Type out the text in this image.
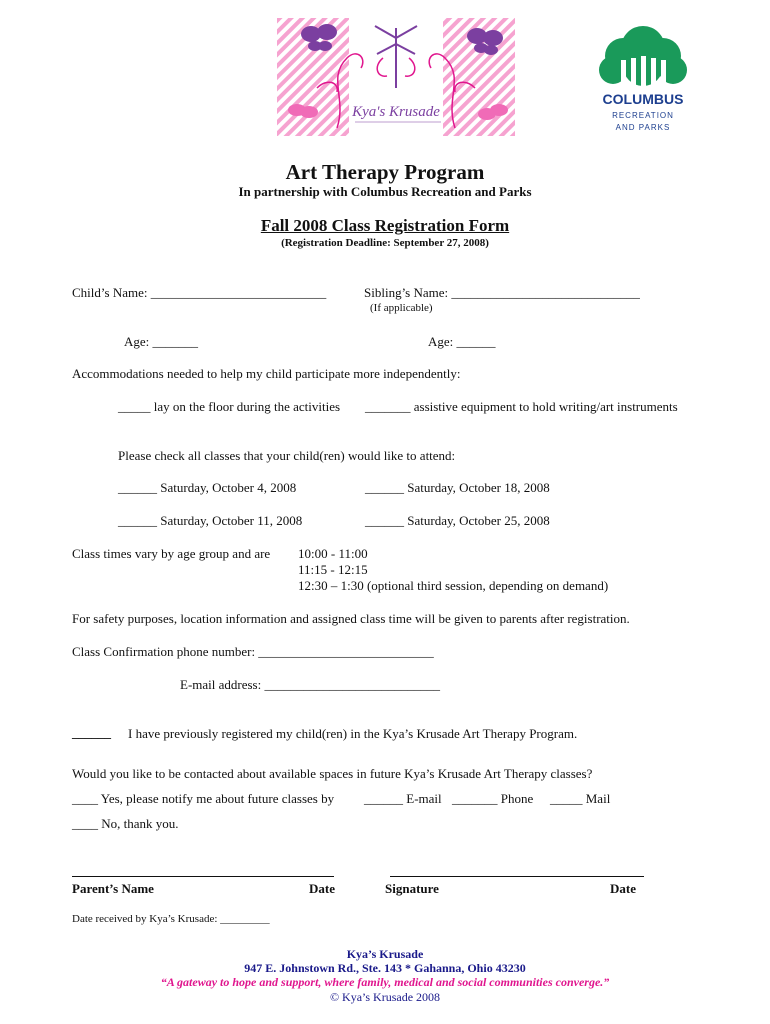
Kya's Krusade

COLUMBUS
RECREATION
AND PARKS
Art Therapy Program
In partnership with Columbus Recreation and Parks
Fall 2008 Class Registration Form
(Registration Deadline: September 27, 2008)
Child’s Name: ___________________________	Sibling’s Name: _____________________________
(If applicable)
Age: _______	Age: ______
Accommodations needed to help my child participate more independently:
_____ lay on the floor during the activities _______ assistive equipment to hold writing/art instruments
Please check all classes that your child(ren) would like to attend:
______ Saturday, October 4, 2008	______ Saturday, October 18, 2008
______ Saturday, October 11, 2008	______ Saturday, October 25, 2008
Class times vary by age group and are 10:00 - 11:00
11:15 - 12:15
12:30 – 1:30 (optional third session, depending on demand)
For safety purposes, location information and assigned class time will be given to parents after registration.
Class Confirmation phone number: ___________________________
E-mail address: ___________________________
______ I have previously registered my child(ren) in the Kya’s Krusade Art Therapy Program.
Would you like to be contacted about available spaces in future Kya’s Krusade Art Therapy classes?
____ Yes, please notify me about future classes by ______ E-mail _______ Phone _____ Mail
____ No, thank you.
Parent’s Name	Date	Signature	Date
Date received by Kya’s Krusade: _________
Kya’s Krusade
947 E. Johnstown Rd., Ste. 143 * Gahanna, Ohio 43230
“A gateway to hope and support, where family, medical and social communities converge.”
© Kya’s Krusade 2008
